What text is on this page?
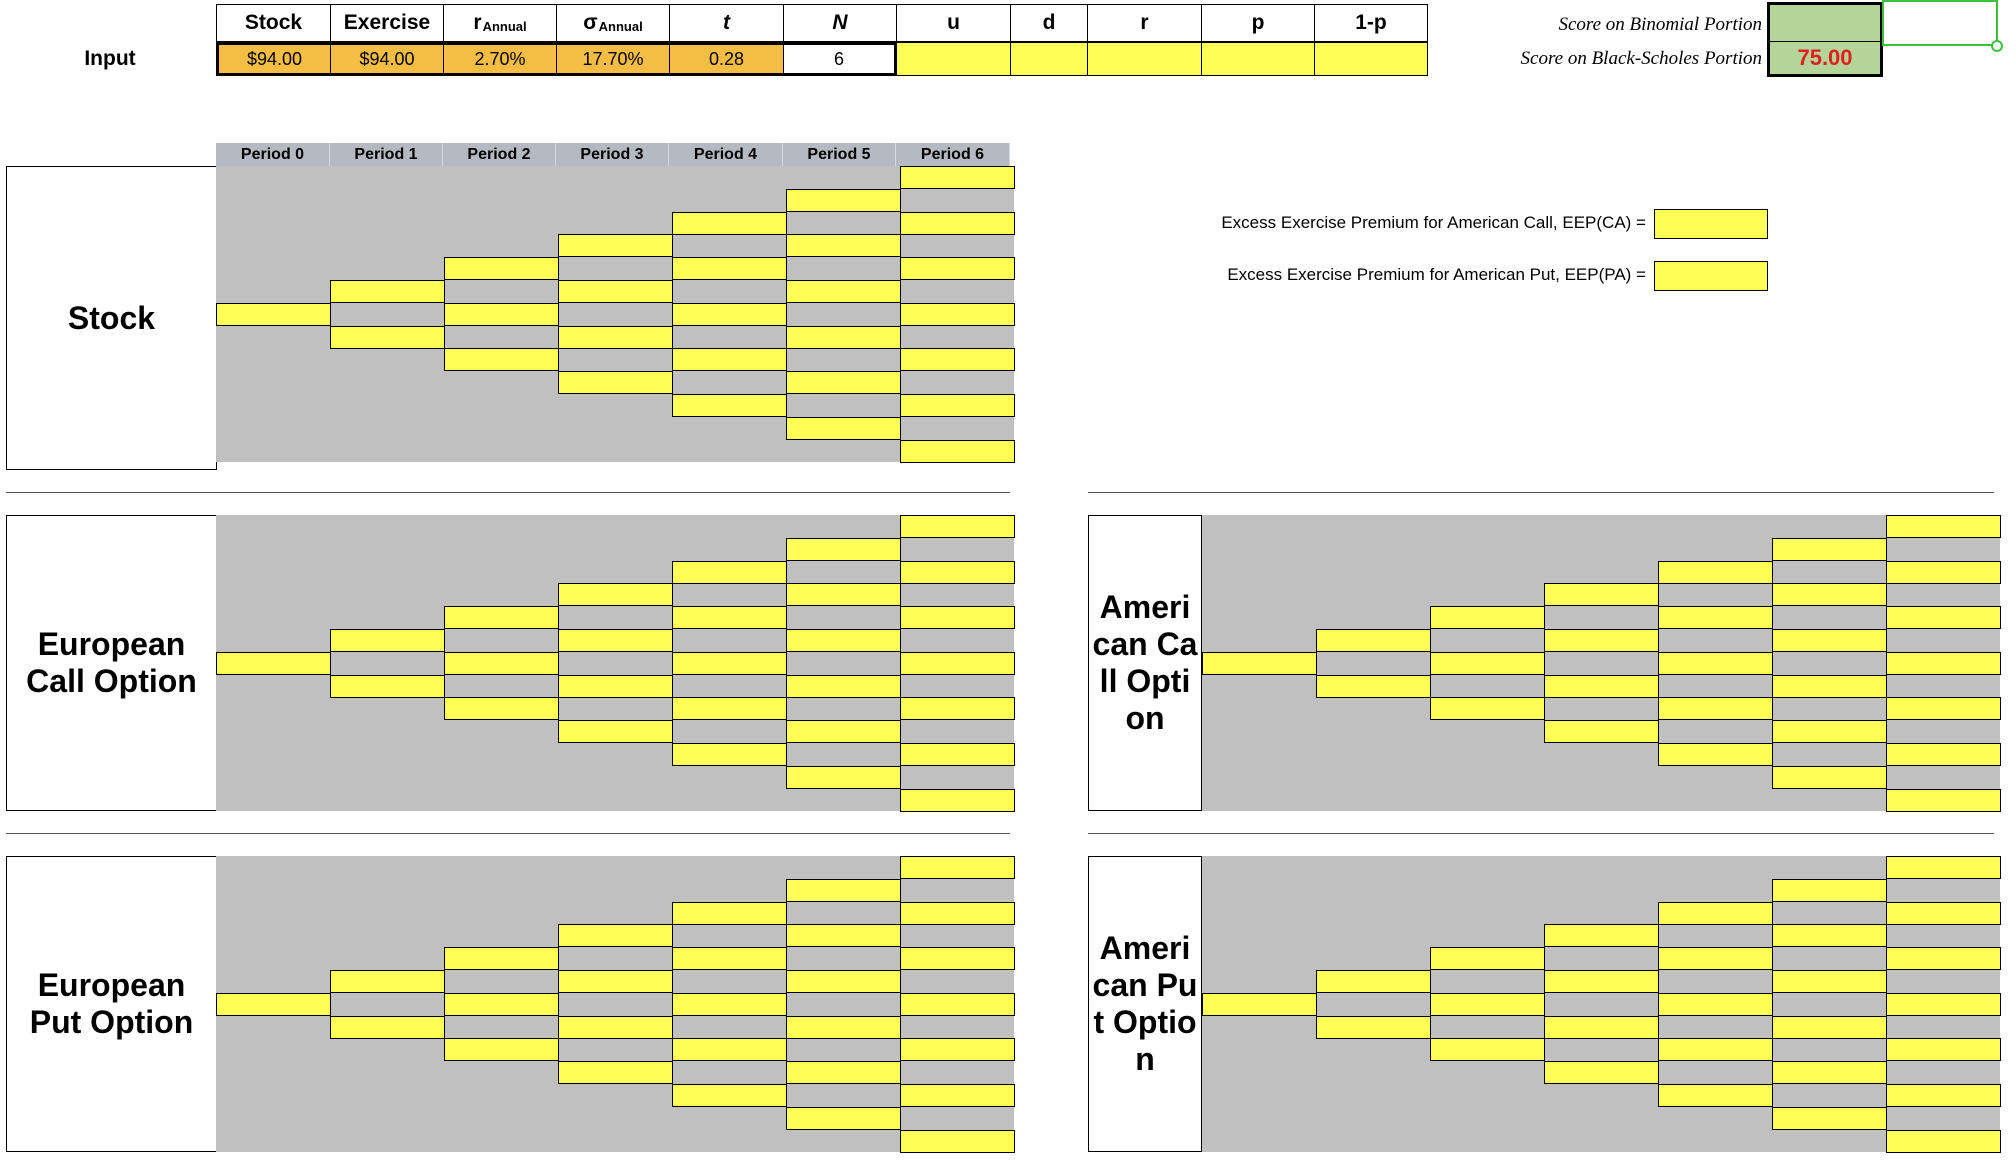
Input
Stock	Exercise	r Annual	σ Annual	t	N	u	d	r	p	1-p
$94.00	$94.00	2.70%	17.70%	0.28	6
Score on Binomial Portion
Score on Black-Scholes Portion	75.00
Period 0	Period 1	Period 2	Period 3	Period 4	Period 5	Period 6
Excess Exercise Premium for American Call, EEP(CA) =
Excess Exercise Premium for American Put, EEP(PA) =
Stock
European Call Option
European Put Option
Ameri can Call Option
Ameri can Put Option
